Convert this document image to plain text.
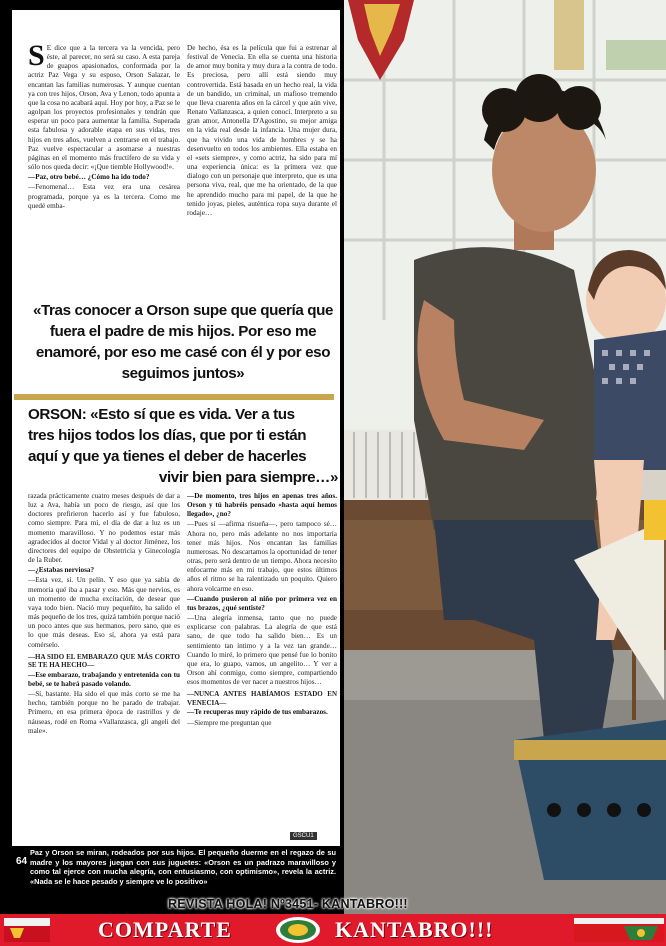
S E dice que a la tercera va la vencida, pero éste, al parecer, no será su caso. A esta pareja de guapos apasionados, conformada por la actriz Paz Vega y su esposo, Orson Salazar, le encantan las familias numerosas. Y aunque cuentan ya con tres hijos, Orson, Ava y Lenon, todo apunta a que la cosa no acabará aquí. Hoy por hoy, a Paz se le agolpan los proyectos profesionales y tendrán que esperar un poco para aumentar la familia. Superada esta fabulosa y adorable etapa en sus vidas, tres hijos en tres años, vuelven a centrarse en el trabajo. Paz vuelve espectacular a asomarse a nuestras páginas en el momento más fructífero de su vida y sólo nos queda decir: «¡Que tiemble Hollywood!».

—Paz, otro bebé… ¿Cómo ha ido todo?

—Fenomenal… Esta vez era una cesárea programada, porque ya es la tercera. Como me quedé emba-

De hecho, ésa es la película que fui a estrenar al festival de Venecia. En ella se cuenta una historia de amor muy bonita y muy dura a la contra de todo. Es preciosa, pero allí está siendo muy controvertida. Está basada en un hecho real, la vida de un bandido, un criminal, un mafioso tremendo que lleva cuarenta años en la cárcel y que aún vive, Renato Vallanzasca, a quien conocí. Interpreto a su gran amor, Antonella D'Agostino, su mejor amiga en la vida real desde la infancia. Una mujer dura, que ha vivido una vida de hombres y se ha desenvuelto en todos los ambientes. Ella estaba en el «sets siempre», y como actriz, ha sido para mí una experiencia única: es la primera vez que dialogo con un personaje que interpreto, que es una persona viva, real, que me ha orientado, de la que he aprendido mucho para mi papel, de la que he tenido joyas, pieles, auténtica ropa suya durante el rodaje…

«Tras conocer a Orson supe que quería que fuera el padre de mis hijos. Por eso me enamoré, por eso me casé con él y por eso seguimos juntos»
ORSON: «Esto sí que es vida. Ver a tus
tres hijos todos los días, que por ti están
aquí y que ya tienes el deber de hacerles
vivir bien para siempre…»

razada prácticamente cuatro meses después de dar a luz a Ava, había un poco de riesgo, así que los doctores prefirieron hacerlo así y fue fabuloso, como siempre. Para mí, el día de dar a luz es un momento maravilloso. Y no podemos estar más agradecidos al doctor Vidal y al doctor Jiménez, los directores del equipo de Obstetricia y Ginecología de la Ruber.

—¿Estabas nerviosa?

—Esta vez, sí. Un pelín. Y eso que ya sabía de memoria qué iba a pasar y eso. Más que nervios, es un momento de mucha excitación, de desear que vaya todo bien. Nació muy pequeñito, ha salido el más pequeño de los tres, quizá también porque nació un poco antes que sus hermanos, pero sano, que es lo que más deseas. Eso sí, ahora ya está para comérselo.

—HA SIDO EL EMBARAZO QUE MÁS CORTO SE TE HA HECHO—

—Ese embarazo, trabajando y entretenida con tu bebé, se te habrá pasado volando.

—Sí, bastante. Ha sido el que más corto se me ha hecho, también porque no he parado de trabajar. Primero, en esa primera época de rastrillos y de náuseas, rodé en Roma «Vallanzasca, gli angeli del male».

—De momento, tres hijos en apenas tres años. Orson y tú habréis pensado «hasta aquí hemos llegado», ¿no?

—Pues sí —afirma risueña—, pero tampoco sé… Ahora no, pero más adelante no nos importaría tener más hijos. Nos encantan las familias numerosas. No descartamos la oportunidad de tener otras, pero será dentro de un tiempo. Ahora necesito enfocarme más en mi trabajo, que estos últimos años el ritmo se ha ralentizado un poquito. Quiero ahora volcarme en eso.

—Cuando pusieron al niño por primera vez en tus brazos, ¿qué sentiste?

—Una alegría inmensa, tanto que no puede explicarse con palabras. La alegría de que está sano, de que todo ha salido bien… Es un sentimiento tan íntimo y a la vez tan grande… Cuando lo miré, lo primero que pensé fue lo bonito que era, lo guapo, vamos, un angelito… Y ver a Orson ahí conmigo, como siempre, compartiendo esos momentos de ver nacer a nuestros hijos…

—NUNCA ANTES HABÍAMOS ESTADO EN VENECIA—

—Te recuperas muy rápido de tus embarazos.

—Siempre me preguntan que

GSCU1
64
Paz y Orson se miran, rodeados por sus hijos. El pequeño duerme en el regazo de su madre y los mayores juegan con sus juguetes: «Orson es un padrazo maravilloso y como tal ejerce con mucha alegría, con entusiasmo, con optimismo», revela la actriz. «Nada se le hace pesado y siempre ve lo positivo»
REVISTA HOLA! Nº3451- KANTABRO!!!
COMPARTE	KANTABRO!!!
